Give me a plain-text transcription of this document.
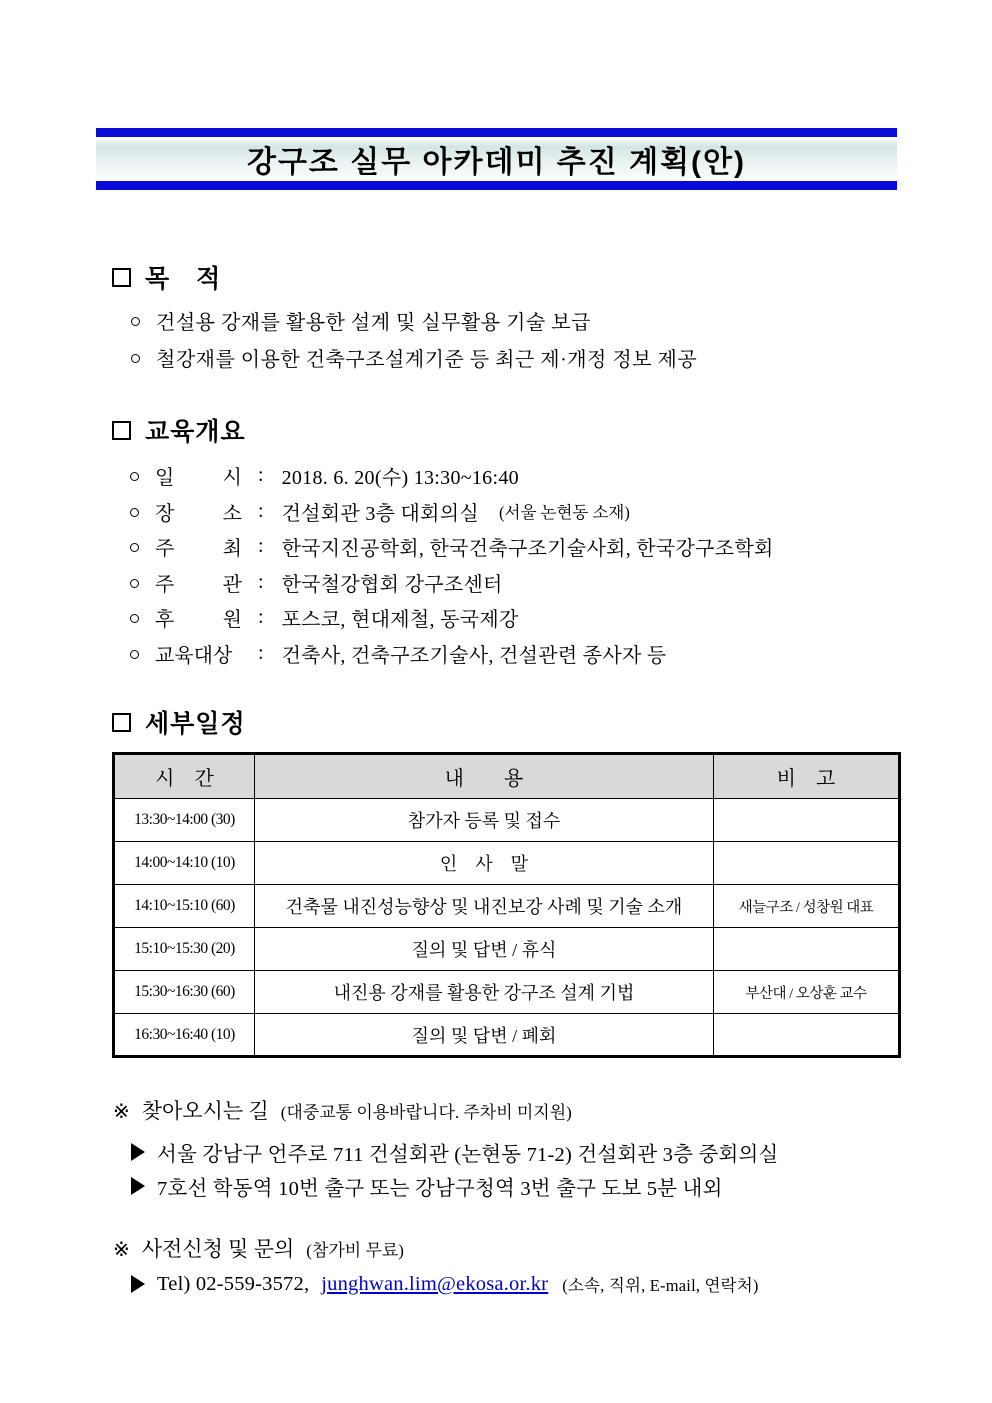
강구조 실무 아카데미 추진 계획(안)
목　적
건설용 강재를 활용한 설계 및 실무활용 기술 보급
철강재를 이용한 건축구조설계기준 등 최근 제·개정 정보 제공
교육개요
일 시 : 2018. 6. 20(수) 13:30~16:40
장 소 : 건설회관 3층 대회의실 (서울 논현동 소재)
주 최 : 한국지진공학회, 한국건축구조기술사회, 한국강구조학회
주 관 : 한국철강협회 강구조센터
후 원 : 포스코, 현대제철, 동국제강
교육대상	: 건축사, 건축구조기술사, 건설관련 종사자 등
세부일정
시　간	내　　용	비　고
13:30~14:00 (30)	참가자 등록 및 접수	
14:00~14:10 (10)	인　사　말	
14:10~15:10 (60)	건축물 내진성능향상 및 내진보강 사례 및 기술 소개	새늘구조 / 성창원 대표
15:10~15:30 (20)	질의 및 답변 / 휴식	
15:30~16:30 (60)	내진용 강재를 활용한 강구조 설계 기법	부산대 / 오상훈 교수
16:30~16:40 (10)	질의 및 답변 / 폐회	
※ 찾아오시는 길 (대중교통 이용바랍니다. 주차비 미지원)
서울 강남구 언주로 711 건설회관 (논현동 71-2) 건설회관 3층 중회의실
7호선 학동역 10번 출구 또는 강남구청역 3번 출구 도보 5분 내외
※ 사전신청 및 문의 (참가비 무료)
Tel) 02-559-3572, junghwan.lim@ekosa.or.kr (소속, 직위, E-mail, 연락처)
